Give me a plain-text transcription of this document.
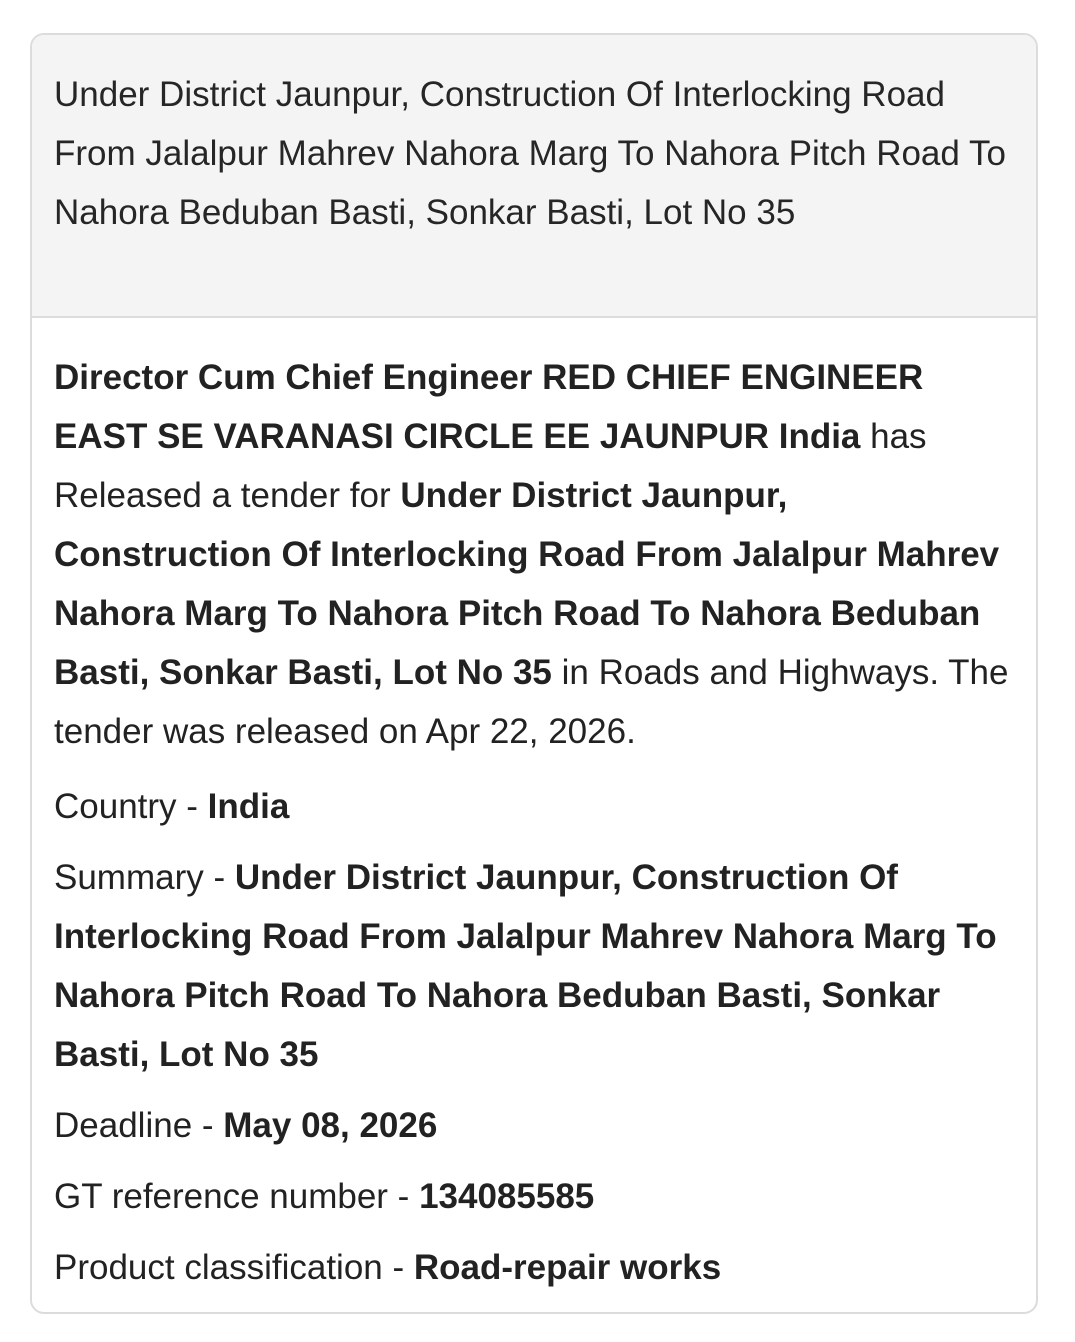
Under District Jaunpur, Construction Of Interlocking Road From Jalalpur Mahrev Nahora Marg To Nahora Pitch Road To Nahora Beduban Basti, Sonkar Basti, Lot No 35

Director Cum Chief Engineer RED CHIEF ENGINEER EAST SE VARANASI CIRCLE EE JAUNPUR India has Released a tender for Under District Jaunpur, Construction Of Interlocking Road From Jalalpur Mahrev Nahora Marg To Nahora Pitch Road To Nahora Beduban Basti, Sonkar Basti, Lot No 35 in Roads and Highways. The tender was released on Apr 22, 2026.

Country - India

Summary - Under District Jaunpur, Construction Of Interlocking Road From Jalalpur Mahrev Nahora Marg To Nahora Pitch Road To Nahora Beduban Basti, Sonkar Basti, Lot No 35

Deadline - May 08, 2026

GT reference number - 134085585

Product classification - Road-repair works
